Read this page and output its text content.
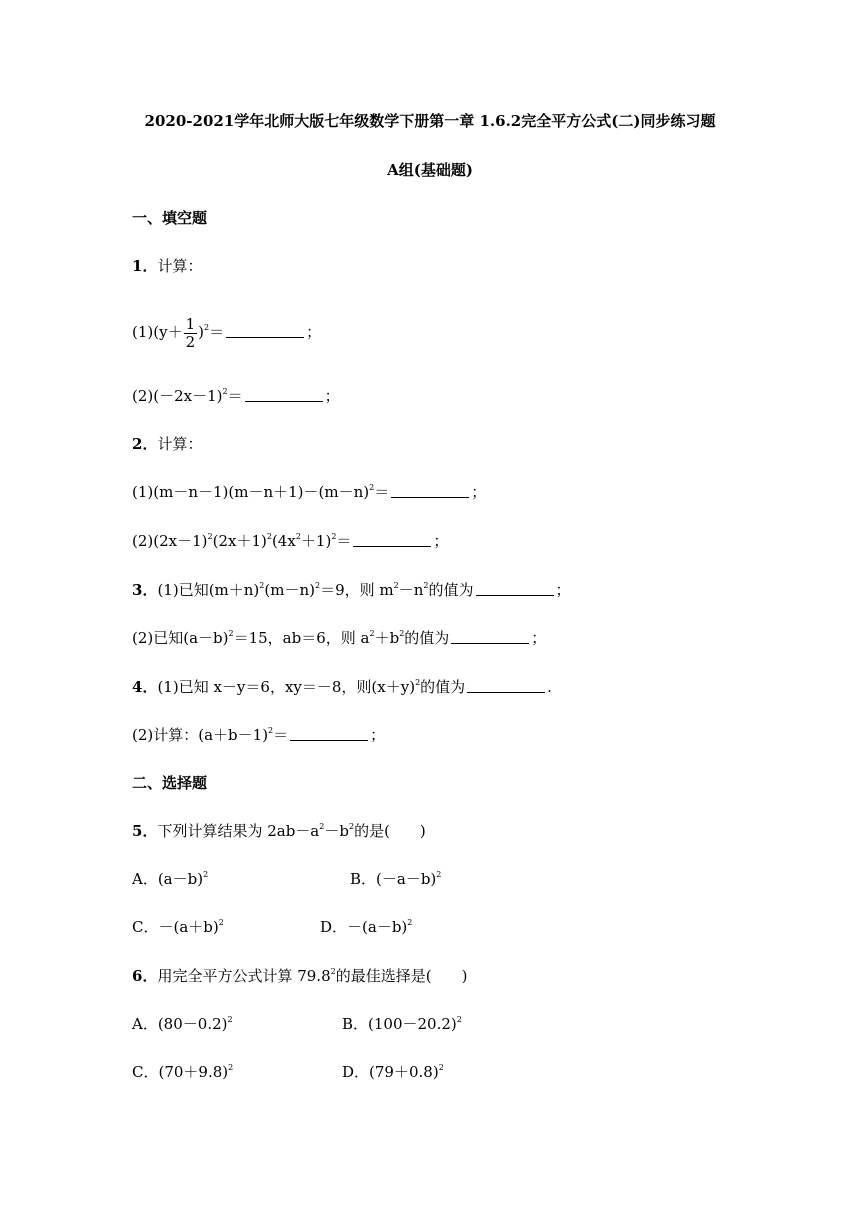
2020-2021学年北师大版七年级数学下册第一章 1.6.2完全平方公式(二)同步练习题
A组(基础题)
一、填空题
1．计算：
$(1)(y+ \frac{1}{2} )^2=$	；
$(2)(-2x-1)^2=$	；
2．计算：
$(1)(m-n-1)(m-n+1)-(m-n)^2=$	；
$(2)(2x-1)^2(2x+1)^2(4x^2+1)^2=$	；
3．(1)已知$(m+n)^2(m-n)^2=9$，则 $m^2-n^2$的值为	；
(2)已知$(a-b)^2=15$，ab＝6，则 $a^2+b^2$的值为	；
4．(1)已知 x－y＝6，xy＝－8，则$(x+y)^2$的值为	.
(2)计算：$(a+b-1)^2=$	；
二、选择题
5．下列计算结果为 $2ab-a^2-b^2$的是(　　)
A．$(a-b)^2$	B．$(-a-b)^2$
C．$-(a+b)^2$	D．$-(a-b)^2$
6．用完全平方公式计算 79.8$^2$的最佳选择是(　　)
A．$(80-0.2)^2$	B．$(100-20.2)^2$
C．$(70+9.8)^2$	D．$(79+0.8)^2$
